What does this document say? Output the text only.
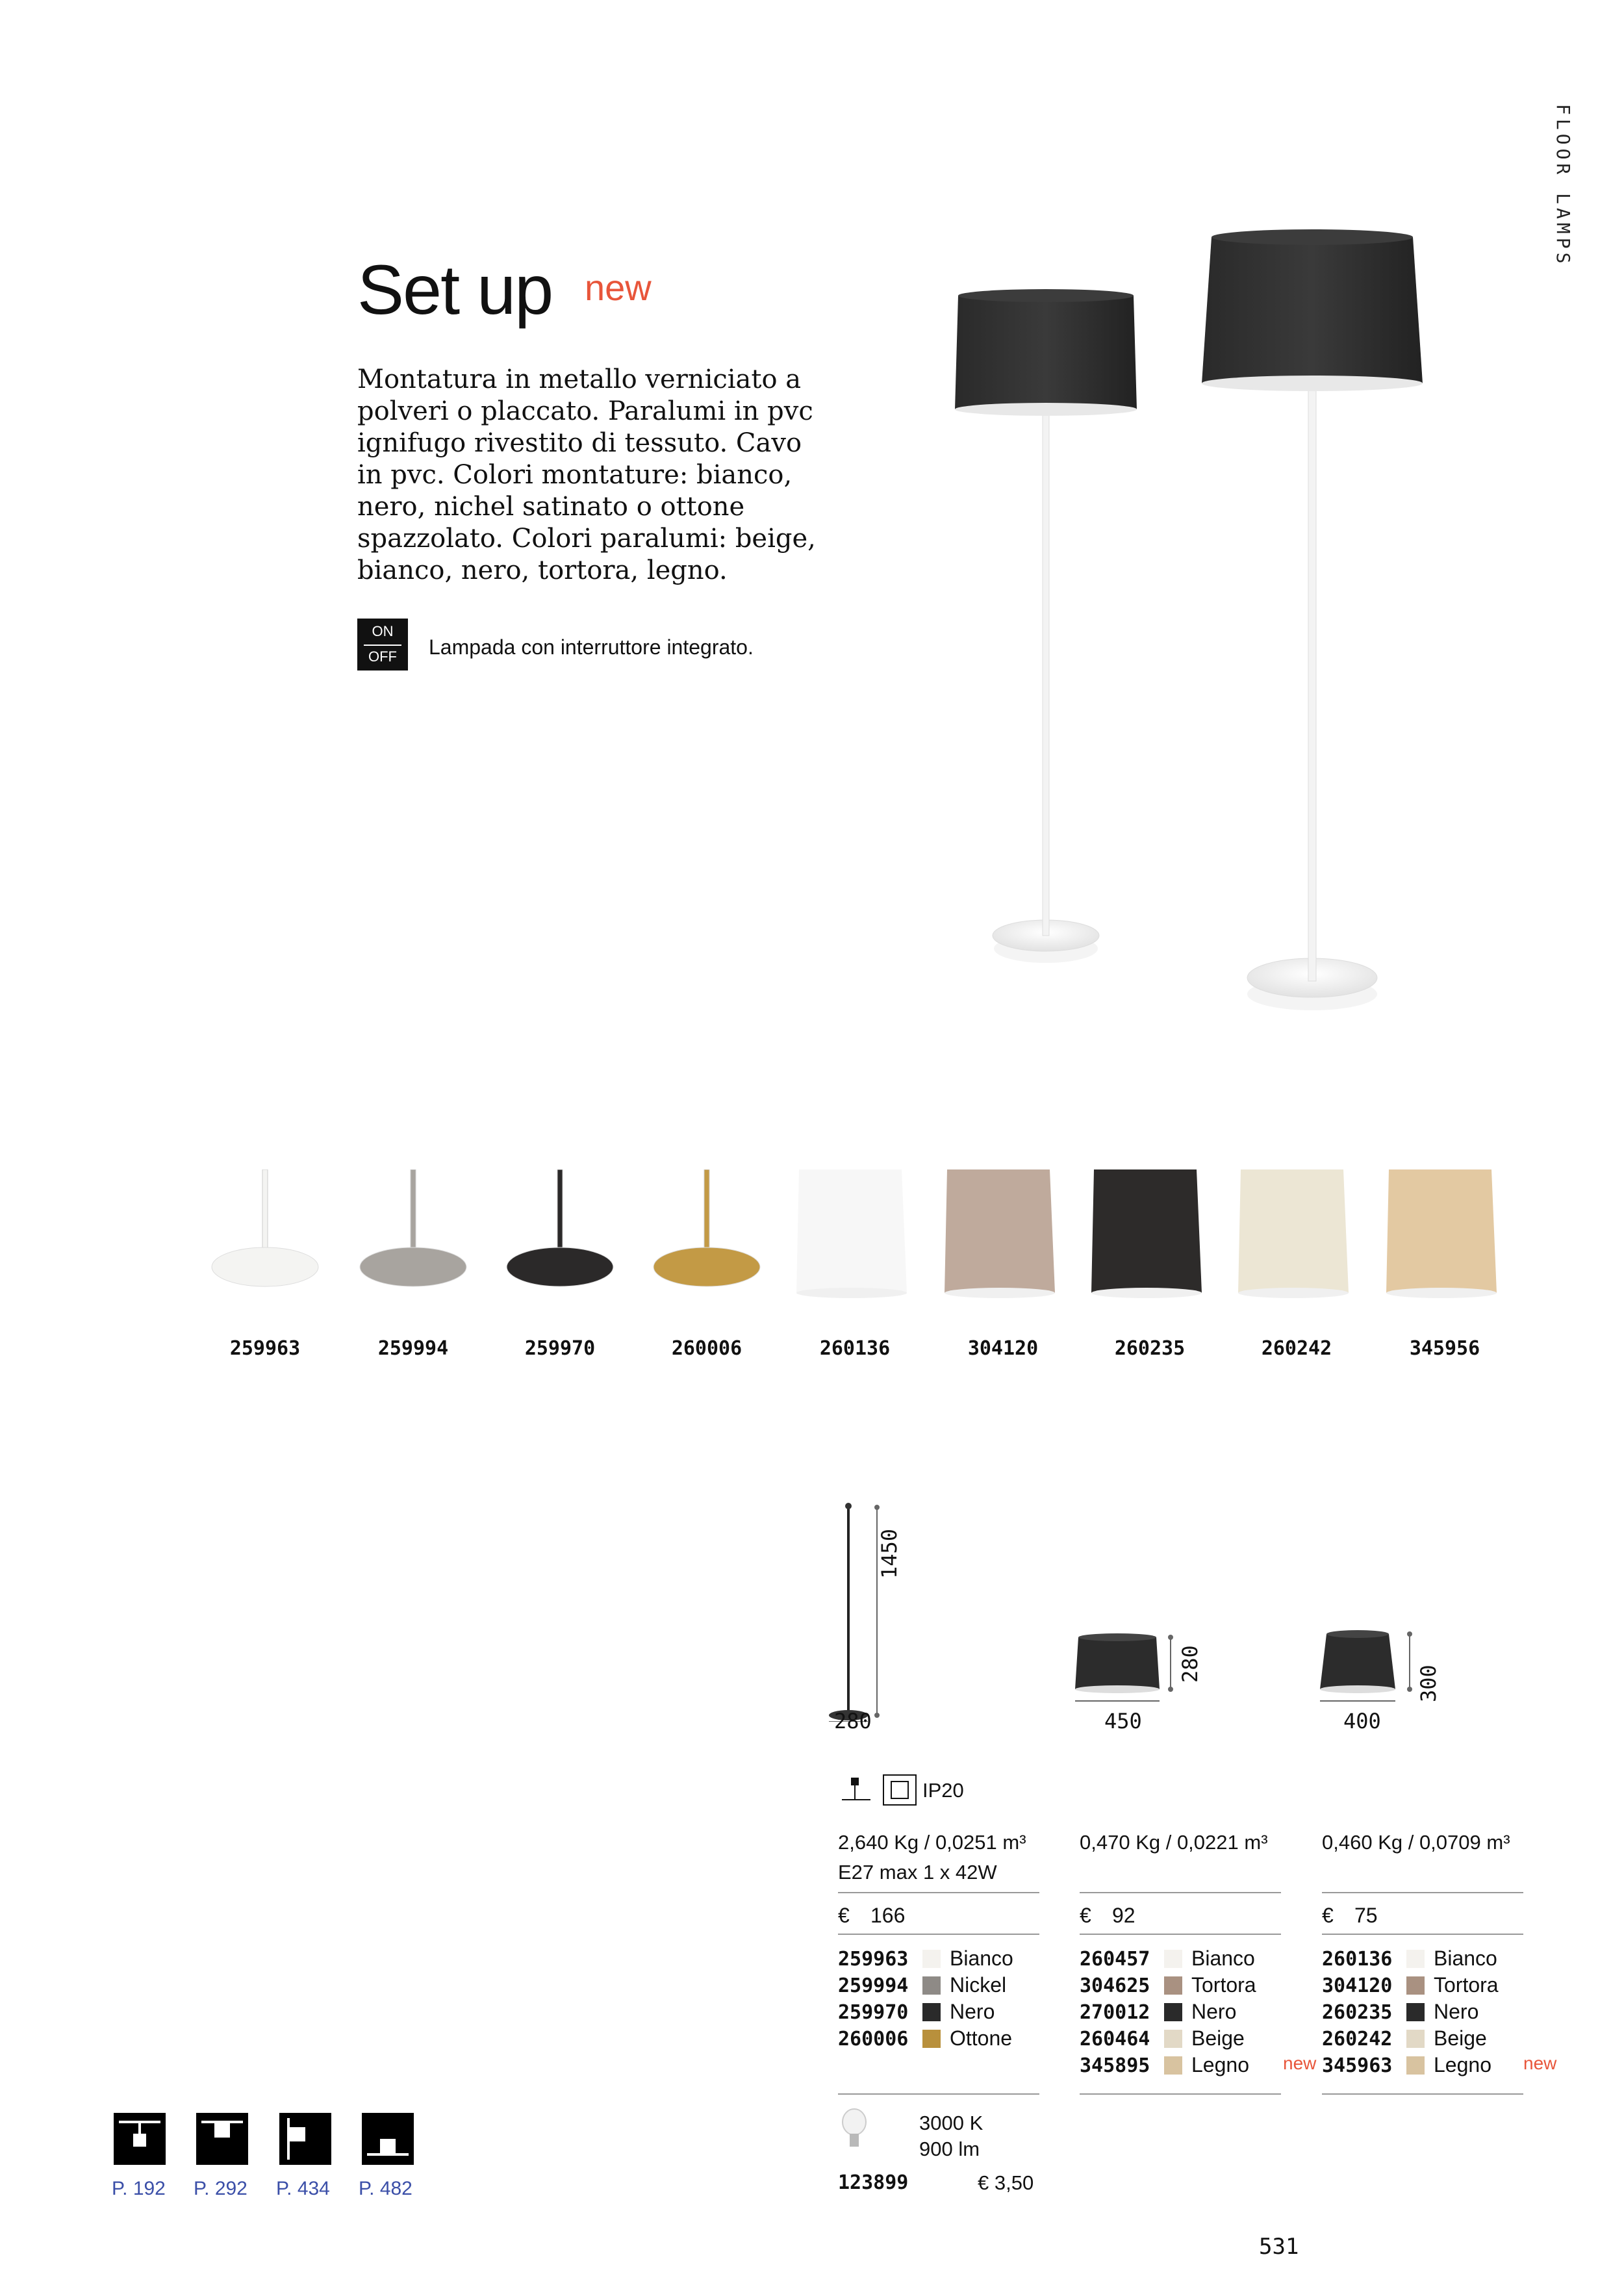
FLOOR LAMPS
Set up new
Montatura in metallo verniciato a polveri o placcato. Paralumi in pvc ignifugo rivestito di tessuto. Cavo in pvc. Colori montature: bianco, nero, nichel satinato o ottone spazzolato. Colori paralumi: beige, bianco, nero, tortora, legno.
ON
OFF	Lampada con interruttore integrato.
259963	259994	259970	260006	260136	304120	260235	260242	345956
1450
280
280
450
300
400
IP20
2,640 Kg / 0,0251 m³
E27 max 1 x 42W
€ 166
259963 Bianco
259994 Nickel
259970 Nero
260006 Ottone
0,470 Kg / 0,0221 m³
€ 92
260457 Bianco
304625 Tortora
270012 Nero
260464 Beige
345895 Legno new
0,460 Kg / 0,0709 m³
€ 75
260136 Bianco
304120 Tortora
260235 Nero
260242 Beige
345963 Legno new
3000 K
900 lm
123899	€ 3,50
P. 192 P. 292 P. 434 P. 482
531
